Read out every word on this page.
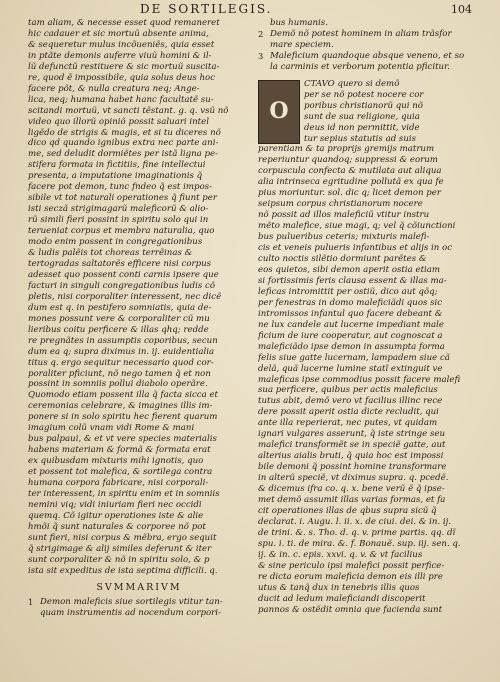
DE SORTILEGIS.	104
tam aliam, & necesse esset quod remaneret
hic cadauer et sic mortuũ absente anima,
& sequeretur mulus incõueniẽs, quia esset
in ptãte demonis auferre viuũ homini & il-
lũ defunctũ restituere & sic mortuũ suscita-
re, quod ẽ impossibile, quia solus deus hoc
facere põt, & nulla creatura neq; Ange-
lica, neq; humana habet hanc facultatẽ su-
scitandi mortuũ, vt sancti tẽstant. g. q. vsũ nõ
video quo illorũ opiniõ possit saluari intel
ligẽdo de strigis & magis, et si tu diceres nõ
dico qd quando ignibus extra nec parte ani-
me, sed deludit dormiẽtes per istã ligna pe-
stifera formata in fictitiis, fine intellectui
presenta, a imputatione imaginationis q̃
facere pot demon, tunc fndeo q̃ est impos-
sibile vt tot naturali operationes q̃ fiunt per
isti seczã strigimagarũ maleficorũ & alio-
rũ simili fieri possint in spiritu solo qui in
terueniat corpus et membra naturalia, quo
modo enim possent in congregationibus
& ludis palẽis tot choreas terrẽinas &
tertogradas saltatorẽs efficere nisi corpus
adesset quo possent conti carnis ipsere que
facturi in singuli congregationibus ludis cõ
pletis, nisi corporaliter interessent, nec dicẽ
dum est q. in pestifero somniatis, quia de-
mones possunt vere & corporaliter cũ mu
lieribus coitu perficere & illas qhq; redde
re pregnãtes in assumptis coporibus, secun
dum ea q; supra diximus in. ij. euidentialia
titus q. ergo sequitur necessario quod cor-
poraliter pficiunt, nõ nego tamen q̃ et non
possint in somniis pollui diabolo operãre.
Quomodo etiam possent illa q̃ facta sicca et
ceremonias celebrare, & imagines illis im-
ponere si in solo spiritu hec fierent quarum
imagium colũ vnam vidi Rome & mani
bus palpaui, & et vt vere species materialis
habens materiam & formã & formata erat
ex quibusdam mixturis mihi ignotis, quo
et possent tot malefica, & sortilega contra
humana corpora fabricare, nisi corporali-
ter interessent, in spiritu enim et in somniis
nemini viq; vidi iniuriam fieri nec occidi
quemq. Cõ igitur operationes iste & alie
hmõi q̃ sunt naturales & corporee nõ pot
sunt fieri, nisi corpus & mẽbra, ergo sequit
q̃ strigimage & alij similes deferunt & iter
sunt corporaliter & nõ in spiritu solo, & p
ista sit expeditus de ista septima difficili. q.
SVMMARIVM
1 Demon maleficis siue sortilegis vtitur tan-
quam instrumentis ad nocendum corpori-
bus humanis.
2 Demõ nõ potest hominem in aliam trãsfor
mare speciem.
3 Maleficium quandoque absque veneno, et so
la carminis et verborum potentia pficitur.
O
CTAVO quero si demõ
per se nõ potest nocere cor
poribus christianorũ qui nõ
sunt de sua religione, quia
deus id non permittit, vide
tur sepius statutis ad suis
parentiam & ta proprijs gremijs matrum
reperiuntur quandoq; suppressi & eorum
corpuscula confecta & mutilata aut aliqua
alia intrinseca egritudine pollutã ex qua fe
pius moriuntur. sol. dic q; licet demon per
seipsum corpus christianorum nocere
nõ possit ad illos maleficiũ vtitur instru
mẽto malefice, siue magi, q; vel q̃ cõiunctioni
bus pulueribus ceteris; mixturis malefi-
cis et veneis pulueris infantibus et alijs in oc
culto noctis silẽtio dormiunt parẽtes &
eos quietos, sibi demon aperit ostia etiam
si fortissimis feris clausa essent & illas ma-
leficas intromittit per ostiũ, dico aut qõq;
per fenestras in domo maleficiãdi quos sic
intromissos infantul quo facere debeant &
ne lux candele aut lucerne impediant male
ficium de iure cooperatur, aut cognoscat a
maleficiãdo ipse demon in assumpta forma
felis siue gatte lucernam, lampadem siue cã
delã, quã lucerne lumine statĩ extinguit ve
maleficas ipse commodius possit facere malefi
sua perficere, quibus per actis maleficius
tutus abit, demõ vero vt facilius illinc rece
dere possit aperit ostia dicte recludit, qui
ante illa reperierat, nec putes, vt quidam
ignari vulgares asserunt, q̃ iste stringe seu
malefici transformẽt se in speciẽ gatte, aut
alterius aialis bruti, q̃ quia hoc est impossi
bile demoni q̃ possint homine transformare
in alterũ speciẽ, vt diximus supra. q. pcedẽ.
& dicemus ifra co. q. x. bene verũ ẽ q̃ ipse-
met demõ assumit illas varias formas, et fa
cit operationes illas de qbus supra sicũ q̃
declarat. i. Augu. l. ii. x. de ciui. dei. & in. ij.
de trini. &. s. Tho. d. q. v. prime partis. qq. dĩ
spu. i. ti. de mira. &. f. Bonauẽ. sup. iij. sen. q.
ij. & in. c. epis. xxvi. q. v. & vt facilius
& sine periculo ipsi malefici possit perfice-
re dicta eorum maleficia demon eis illi pre
utus & tanq̃ dux in tenebris illis quos
ducit ad ledum maleficiandi discoperit
pannos & ostẽdit omnia que facienda sunt
